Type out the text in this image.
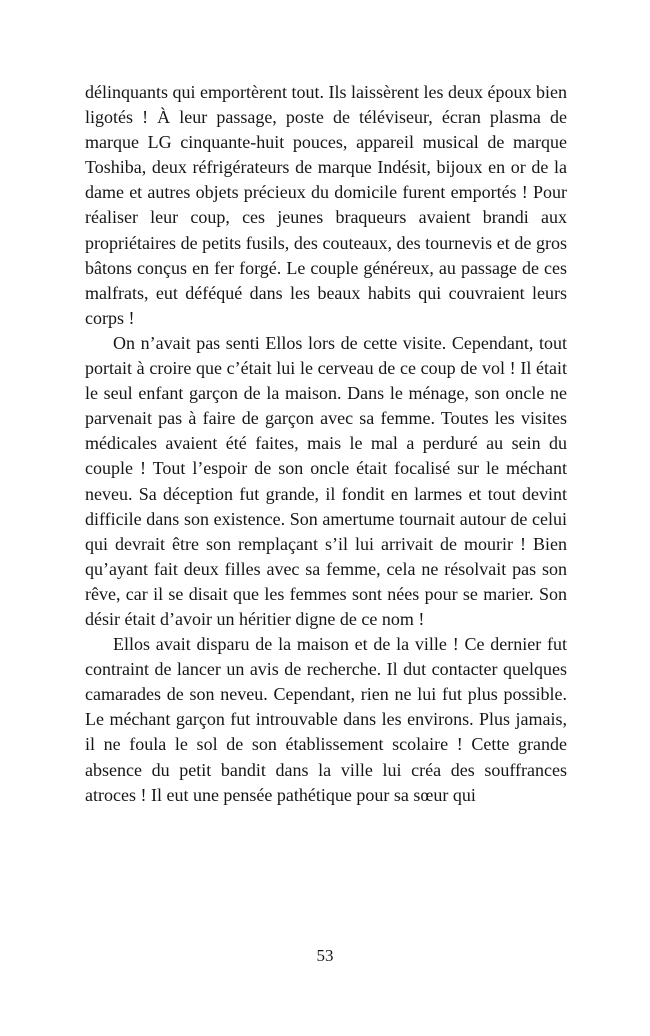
délinquants qui emportèrent tout. Ils laissèrent les deux époux bien ligotés ! À leur passage, poste de téléviseur, écran plasma de marque LG cinquante-huit pouces, appareil musical de marque Toshiba, deux réfrigérateurs de marque Indésit, bijoux en or de la dame et autres objets précieux du domicile furent emportés ! Pour réaliser leur coup, ces jeunes braqueurs avaient brandi aux propriétaires de petits fusils, des couteaux, des tournevis et de gros bâtons conçus en fer forgé. Le couple généreux, au passage de ces malfrats, eut déféqué dans les beaux habits qui couvraient leurs corps !

On n’avait pas senti Ellos lors de cette visite. Cependant, tout portait à croire que c’était lui le cerveau de ce coup de vol ! Il était le seul enfant garçon de la maison. Dans le ménage, son oncle ne parvenait pas à faire de garçon avec sa femme. Toutes les visites médicales avaient été faites, mais le mal a perduré au sein du couple ! Tout l’espoir de son oncle était focalisé sur le méchant neveu. Sa déception fut grande, il fondit en larmes et tout devint difficile dans son existence. Son amertume tournait autour de celui qui devrait être son remplaçant s’il lui arrivait de mourir ! Bien qu’ayant fait deux filles avec sa femme, cela ne résolvait pas son rêve, car il se disait que les femmes sont nées pour se marier. Son désir était d’avoir un héritier digne de ce nom !

Ellos avait disparu de la maison et de la ville ! Ce dernier fut contraint de lancer un avis de recherche. Il dut contacter quelques camarades de son neveu. Cependant, rien ne lui fut plus possible. Le méchant garçon fut introuvable dans les environs. Plus jamais, il ne foula le sol de son établissement scolaire ! Cette grande absence du petit bandit dans la ville lui créa des souffrances atroces ! Il eut une pensée pathétique pour sa sœur qui

53
